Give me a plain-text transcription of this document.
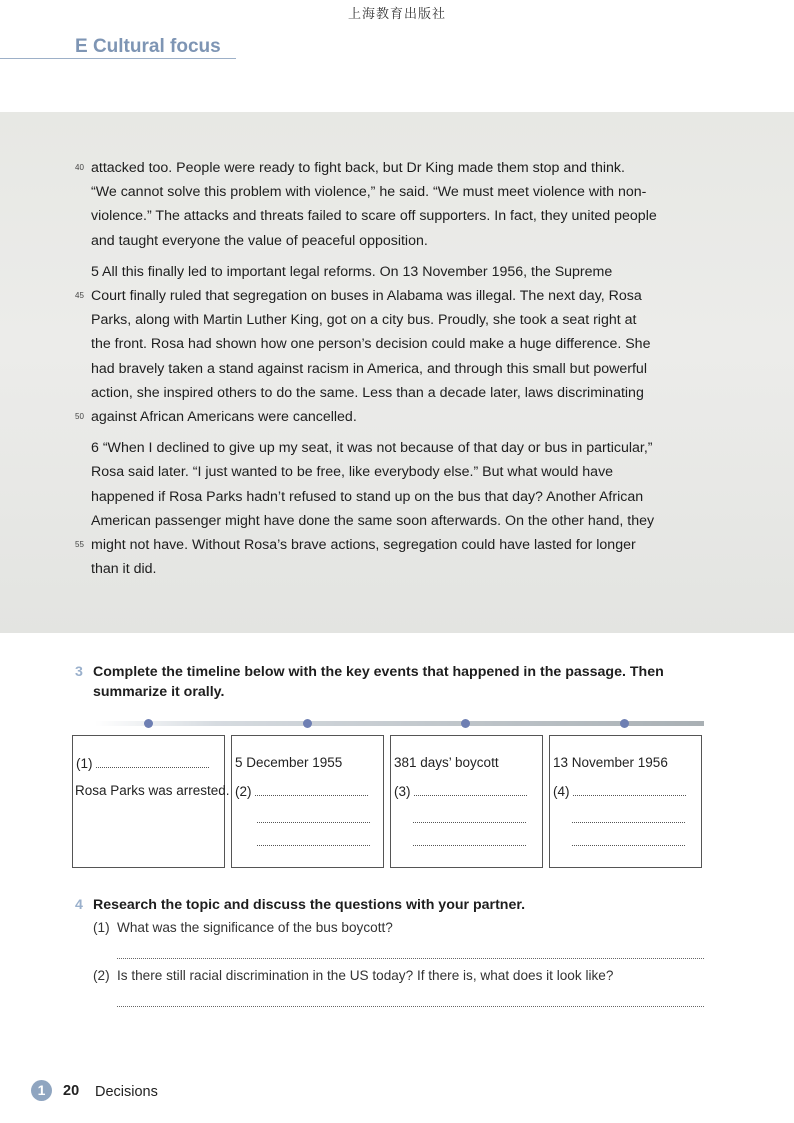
上海教育出版社
E Cultural focus
attacked too. People were ready to fight back, but Dr King made them stop and think.
40
“We cannot solve this problem with violence,” he said. “We must meet violence with non-
violence.” The attacks and threats failed to scare off supporters. In fact, they united people
and taught everyone the value of peaceful opposition.
5 All this finally led to important legal reforms. On 13 November 1956, the Supreme
Court finally ruled that segregation on buses in Alabama was illegal. The next day, Rosa
45
Parks, along with Martin Luther King, got on a city bus. Proudly, she took a seat right at
the front. Rosa had shown how one person’s decision could make a huge difference. She
had bravely taken a stand against racism in America, and through this small but powerful
action, she inspired others to do the same. Less than a decade later, laws discriminating
against African Americans were cancelled.
50
6 “When I declined to give up my seat, it was not because of that day or bus in particular,”
Rosa said later. “I just wanted to be free, like everybody else.” But what would have
happened if Rosa Parks hadn’t refused to stand up on the bus that day? Another African
American passenger might have done the same soon afterwards. On the other hand, they
might not have. Without Rosa’s brave actions, segregation could have lasted for longer
55
than it did.
3 Complete the timeline below with the key events that happened in the passage. Then
summarize it orally.
(1)
Rosa Parks was arrested.
5 December 1955
(2)
381 days’ boycott
(3)
13 November 1956
(4)
4 Research the topic and discuss the questions with your partner.
(1) What was the significance of the bus boycott?
(2) Is there still racial discrimination in the US today? If there is, what does it look like?
1	20 Decisions
